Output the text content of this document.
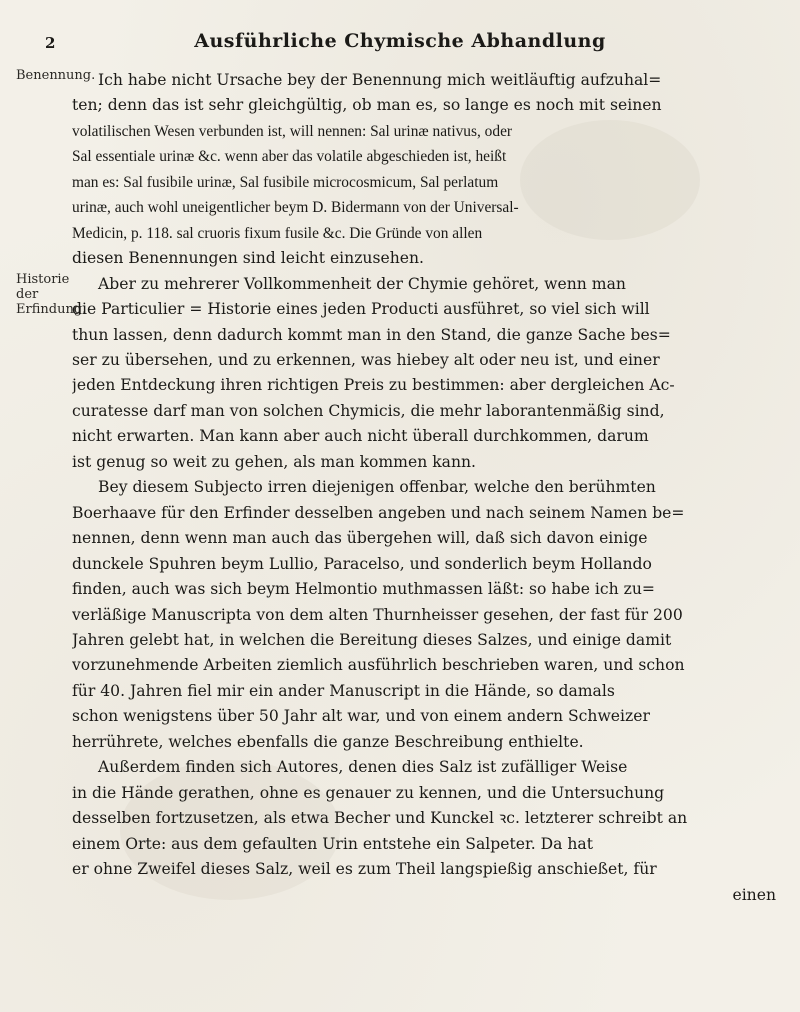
2	Ausführliche Chymische Abhandlung
Benennung.
Historie der Erfindung.
Ich habe nicht Ursache bey der Benennung mich weitläuftig aufzuhal=
ten; denn das ist sehr gleichgültig, ob man es, so lange es noch mit seinen
volatilischen Wesen verbunden ist, will nennen: Sal urinæ nativus, oder
Sal essentiale urinæ &c. wenn aber das volatile abgeschieden ist, heißt
man es: Sal fusibile urinæ, Sal fusibile microcosmicum, Sal perlatum
urinæ, auch wohl uneigentlicher beym D. Bidermann von der Universal-
Medicin, p. 118. sal cruoris fixum fusile &c. Die Gründe von allen
diesen Benennungen sind leicht einzusehen.
Aber zu mehrerer Vollkommenheit der Chymie gehöret, wenn man
die Particulier = Historie eines jeden Producti ausführet, so viel sich will
thun lassen, denn dadurch kommt man in den Stand, die ganze Sache bes=
ser zu übersehen, und zu erkennen, was hiebey alt oder neu ist, und einer
jeden Entdeckung ihren richtigen Preis zu bestimmen: aber dergleichen Ac-
curatesse darf man von solchen Chymicis, die mehr laborantenmäßig sind,
nicht erwarten. Man kann aber auch nicht überall durchkommen, darum
ist genug so weit zu gehen, als man kommen kann.
Bey diesem Subjecto irren diejenigen offenbar, welche den berühmten
Boerhaave für den Erfinder desselben angeben und nach seinem Namen be=
nennen, denn wenn man auch das übergehen will, daß sich davon einige
dunckele Spuhren beym Lullio, Paracelso, und sonderlich beym Hollando
finden, auch was sich beym Helmontio muthmassen läßt: so habe ich zu=
verläßige Manuscripta von dem alten Thurnheisser gesehen, der fast für 200
Jahren gelebt hat, in welchen die Bereitung dieses Salzes, und einige damit
vorzunehmende Arbeiten ziemlich ausführlich beschrieben waren, und schon
für 40. Jahren fiel mir ein ander Manuscript in die Hände, so damals
schon wenigstens über 50 Jahr alt war, und von einem andern Schweizer
herrührete, welches ebenfalls die ganze Beschreibung enthielte.
Außerdem finden sich Autores, denen dies Salz ist zufälliger Weise
in die Hände gerathen, ohne es genauer zu kennen, und die Untersuchung
desselben fortzusetzen, als etwa Becher und Kunckel ꝛc. letzterer schreibt an
einem Orte: aus dem gefaulten Urin entstehe ein Salpeter. Da hat
er ohne Zweifel dieses Salz, weil es zum Theil langspießig anschießet, für
einen
